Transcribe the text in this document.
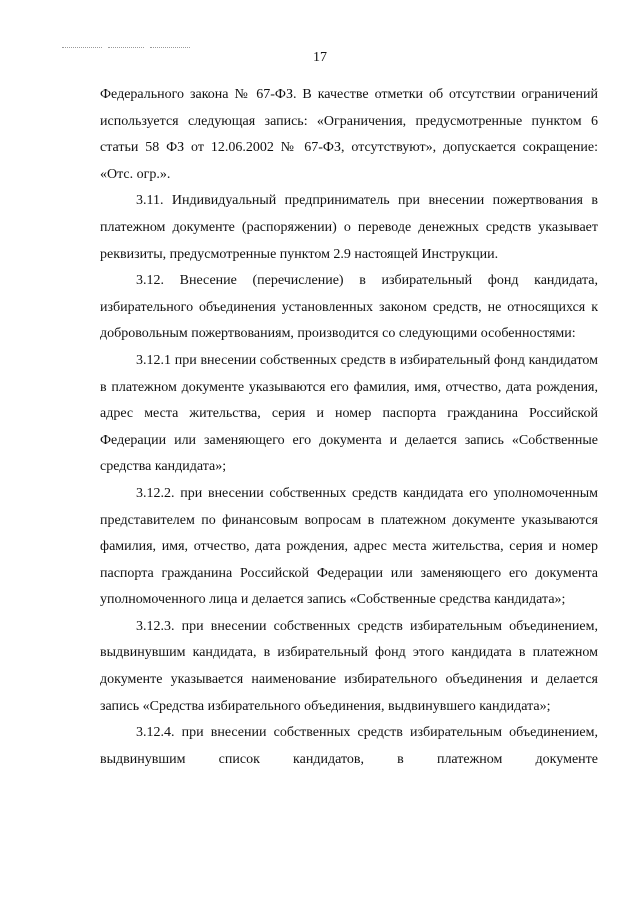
17

Федерального закона № 67-ФЗ. В качестве отметки об отсутствии ограничений используется следующая запись: «Ограничения, предусмотренные пунктом 6 статьи 58 ФЗ от 12.06.2002 № 67-ФЗ, отсутствуют», допускается сокращение: «Отс. огр.».

3.11. Индивидуальный предприниматель при внесении пожертвования в платежном документе (распоряжении) о переводе денежных средств указывает реквизиты, предусмотренные пунктом 2.9 настоящей Инструкции.

3.12. Внесение (перечисление) в избирательный фонд кандидата, избирательного объединения установленных законом средств, не относящихся к добровольным пожертвованиям, производится со следующими особенностями:

3.12.1 при внесении собственных средств в избирательный фонд кандидатом в платежном документе указываются его фамилия, имя, отчество, дата рождения, адрес места жительства, серия и номер паспорта гражданина Российской Федерации или заменяющего его документа и делается запись «Собственные средства кандидата»;

3.12.2. при внесении собственных средств кандидата его уполномоченным представителем по финансовым вопросам в платежном документе указываются фамилия, имя, отчество, дата рождения, адрес места жительства, серия и номер паспорта гражданина Российской Федерации или заменяющего его документа уполномоченного лица и делается запись «Собственные средства кандидата»;

3.12.3. при внесении собственных средств избирательным объединением, выдвинувшим кандидата, в избирательный фонд этого кандидата в платежном документе указывается наименование избирательного объединения и делается запись «Средства избирательного объединения, выдвинувшего кандидата»;

3.12.4. при внесении собственных средств избирательным объединением, выдвинувшим список кандидатов, в платежном документе
